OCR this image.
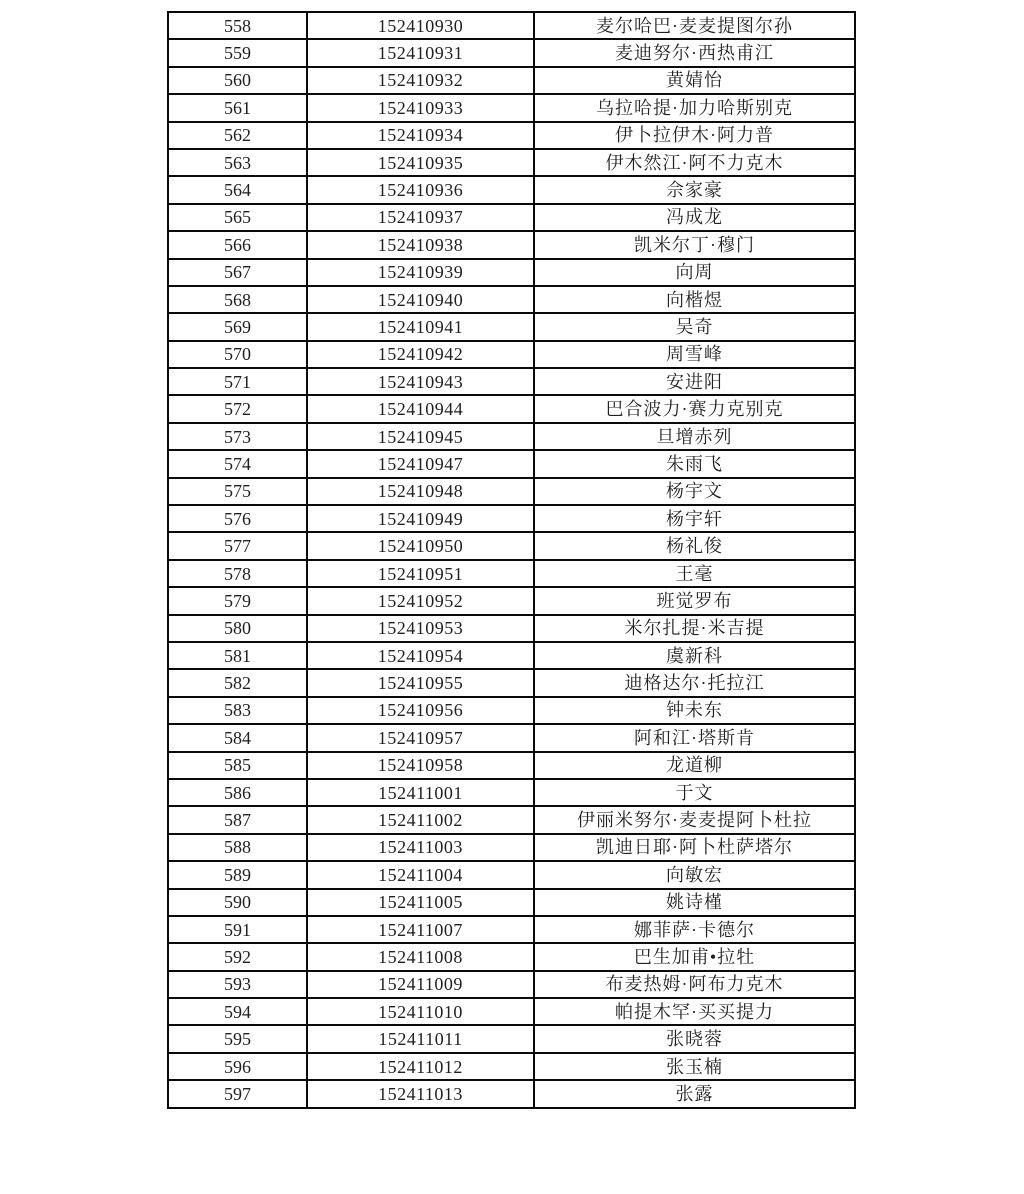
558	152410930	麦尔哈巴·麦麦提图尔孙
559	152410931	麦迪努尔·西热甫江
560	152410932	黄婧怡
561	152410933	乌拉哈提·加力哈斯别克
562	152410934	伊卜拉伊木·阿力普
563	152410935	伊木然江·阿不力克木
564	152410936	佘家豪
565	152410937	冯成龙
566	152410938	凯米尔丁·穆门
567	152410939	向周
568	152410940	向楷煜
569	152410941	吴奇
570	152410942	周雪峰
571	152410943	安进阳
572	152410944	巴合波力·赛力克别克
573	152410945	旦增赤列
574	152410947	朱雨飞
575	152410948	杨宇文
576	152410949	杨宇轩
577	152410950	杨礼俊
578	152410951	王毫
579	152410952	班觉罗布
580	152410953	米尔扎提·米吉提
581	152410954	虞新科
582	152410955	迪格达尔·托拉江
583	152410956	钟未东
584	152410957	阿和江·塔斯肯
585	152410958	龙道柳
586	152411001	于文
587	152411002	伊丽米努尔·麦麦提阿卜杜拉
588	152411003	凯迪日耶·阿卜杜萨塔尔
589	152411004	向敏宏
590	152411005	姚诗槿
591	152411007	娜菲萨·卡德尔
592	152411008	巴生加甫•拉牡
593	152411009	布麦热姆·阿布力克木
594	152411010	帕提木罕·买买提力
595	152411011	张晓蓉
596	152411012	张玉楠
597	152411013	张露
